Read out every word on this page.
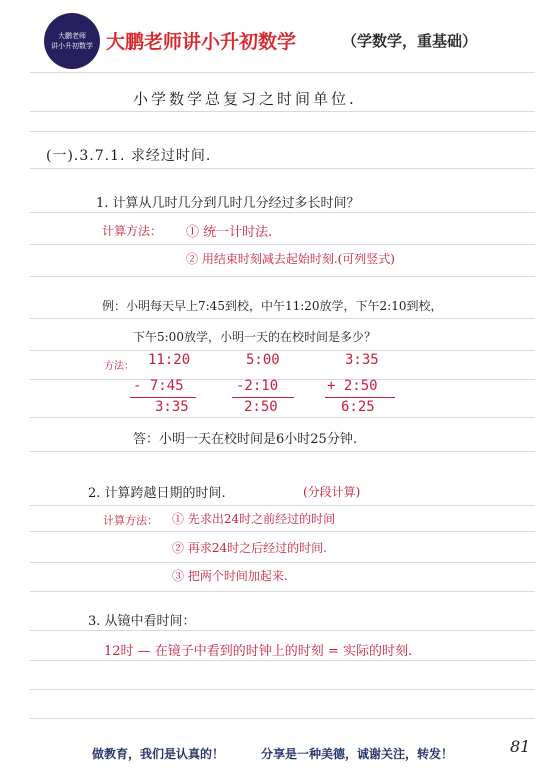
大鹏老师
讲小升初数学 大鹏老师讲小升初数学	（学数学，重基础）
小学数学总复习之时间单位.
(一).3.7.1. 求经过时间.
1. 计算从几时几分到几时几分经过多长时间？
计算方法： ① 统一计时法.
② 用结束时刻减去起始时刻.(可列竖式)
例：小明每天早上7:45到校，中午11:20放学，下午2:10到校，
下午5:00放学，小明一天的在校时间是多少？
方法： 11:20
- 7:45
3:35
5:00
-2:10
2:50
3:35
+ 2:50
6:25
答：小明一天在校时间是6小时25分钟.
2. 计算跨越日期的时间.	(分段计算)
计算方法： ① 先求出24时之前经过的时间
② 再求24时之后经过的时间.
③ 把两个时间加起来.
3. 从镜中看时间：
12时 — 在镜子中看到的时钟上的时刻 = 实际的时刻.
做教育，我们是认真的！	分享是一种美德，诚谢关注，转发！	81
